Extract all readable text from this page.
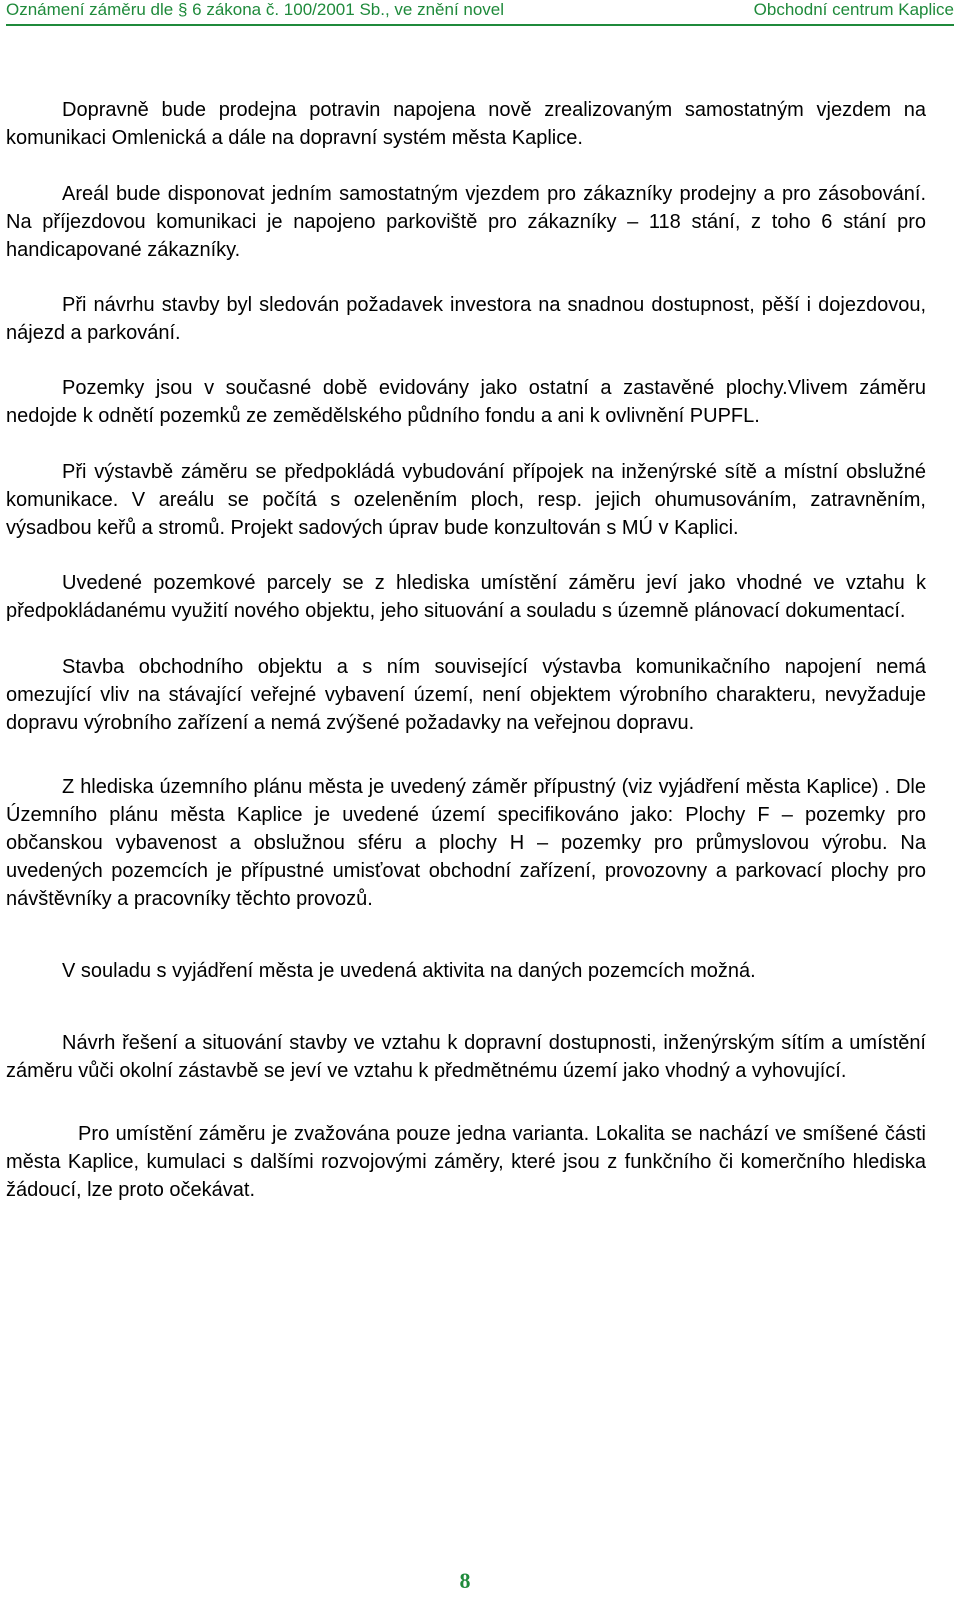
Oznámení záměru dle § 6 zákona č. 100/2001 Sb., ve znění novel	Obchodní centrum Kaplice

Dopravně bude prodejna potravin napojena nově zrealizovaným samostatným vjezdem na komunikaci Omlenická a dále na dopravní systém města Kaplice.

Areál bude disponovat jedním samostatným vjezdem pro zákazníky prodejny a pro zásobování. Na příjezdovou komunikaci je napojeno parkoviště pro zákazníky – 118 stání, z toho 6 stání pro handicapované zákazníky.

Při návrhu stavby byl sledován požadavek investora na snadnou dostupnost, pěší i dojezdovou, nájezd a parkování.

Pozemky jsou v současné době evidovány jako ostatní a zastavěné plochy.Vlivem záměru nedojde k odnětí pozemků ze zemědělského půdního fondu a ani k ovlivnění PUPFL.

Při výstavbě záměru se předpokládá vybudování přípojek na inženýrské sítě a místní obslužné komunikace. V areálu se počítá s ozeleněním ploch, resp. jejich ohumusováním, zatravněním, výsadbou keřů a stromů. Projekt sadových úprav bude konzultován s MÚ v Kaplici.

Uvedené pozemkové parcely se z hlediska umístění záměru jeví jako vhodné ve vztahu k předpokládanému využití nového objektu, jeho situování a souladu s územně plánovací dokumentací.

Stavba obchodního objektu a s ním související výstavba komunikačního napojení nemá omezující vliv na stávající veřejné vybavení území, není objektem výrobního charakteru, nevyžaduje dopravu výrobního zařízení a nemá zvýšené požadavky na veřejnou dopravu.

Z hlediska územního plánu města je uvedený záměr přípustný (viz vyjádření města Kaplice) . Dle Územního plánu města Kaplice je uvedené území specifikováno jako: Plochy F – pozemky pro občanskou vybavenost a obslužnou sféru a plochy H – pozemky pro průmyslovou výrobu. Na uvedených pozemcích je přípustné umisťovat obchodní zařízení, provozovny a parkovací plochy pro návštěvníky a pracovníky těchto provozů.

V souladu s vyjádření města je uvedená aktivita na daných pozemcích možná.

Návrh řešení a situování stavby ve vztahu k dopravní dostupnosti, inženýrským sítím a umístění záměru vůči okolní zástavbě se jeví ve vztahu k předmětnému území jako vhodný a vyhovující.

Pro umístění záměru je zvažována pouze jedna varianta. Lokalita se nachází ve smíšené části města Kaplice, kumulaci s dalšími rozvojovými záměry, které jsou z funkčního či komerčního hlediska žádoucí, lze proto očekávat.

8
